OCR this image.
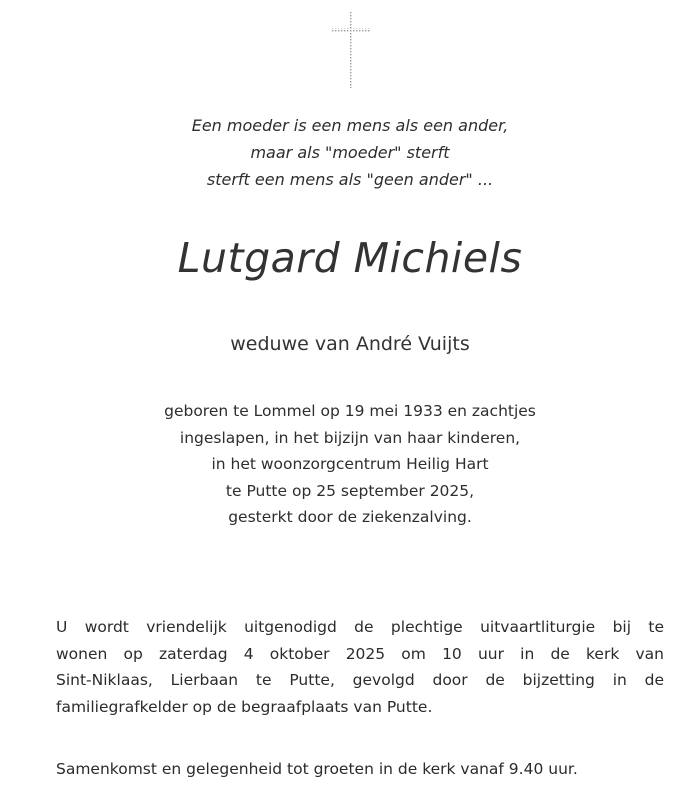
Een moeder is een mens als een ander,
maar als "moeder" sterft
sterft een mens als "geen ander" ...
Lutgard Michiels
weduwe van André Vuijts
geboren te Lommel op 19 mei 1933 en zachtjes
ingeslapen, in het bijzijn van haar kinderen,
in het woonzorgcentrum Heilig Hart
te Putte op 25 september 2025,
gesterkt door de ziekenzalving.
U wordt vriendelijk uitgenodigd de plechtige uitvaartliturgie bij te
wonen op zaterdag 4 oktober 2025 om 10 uur in de kerk van
Sint-Niklaas, Lierbaan te Putte, gevolgd door de bijzetting in de
familiegrafkelder op de begraafplaats van Putte.
Samenkomst en gelegenheid tot groeten in de kerk vanaf 9.40 uur.
